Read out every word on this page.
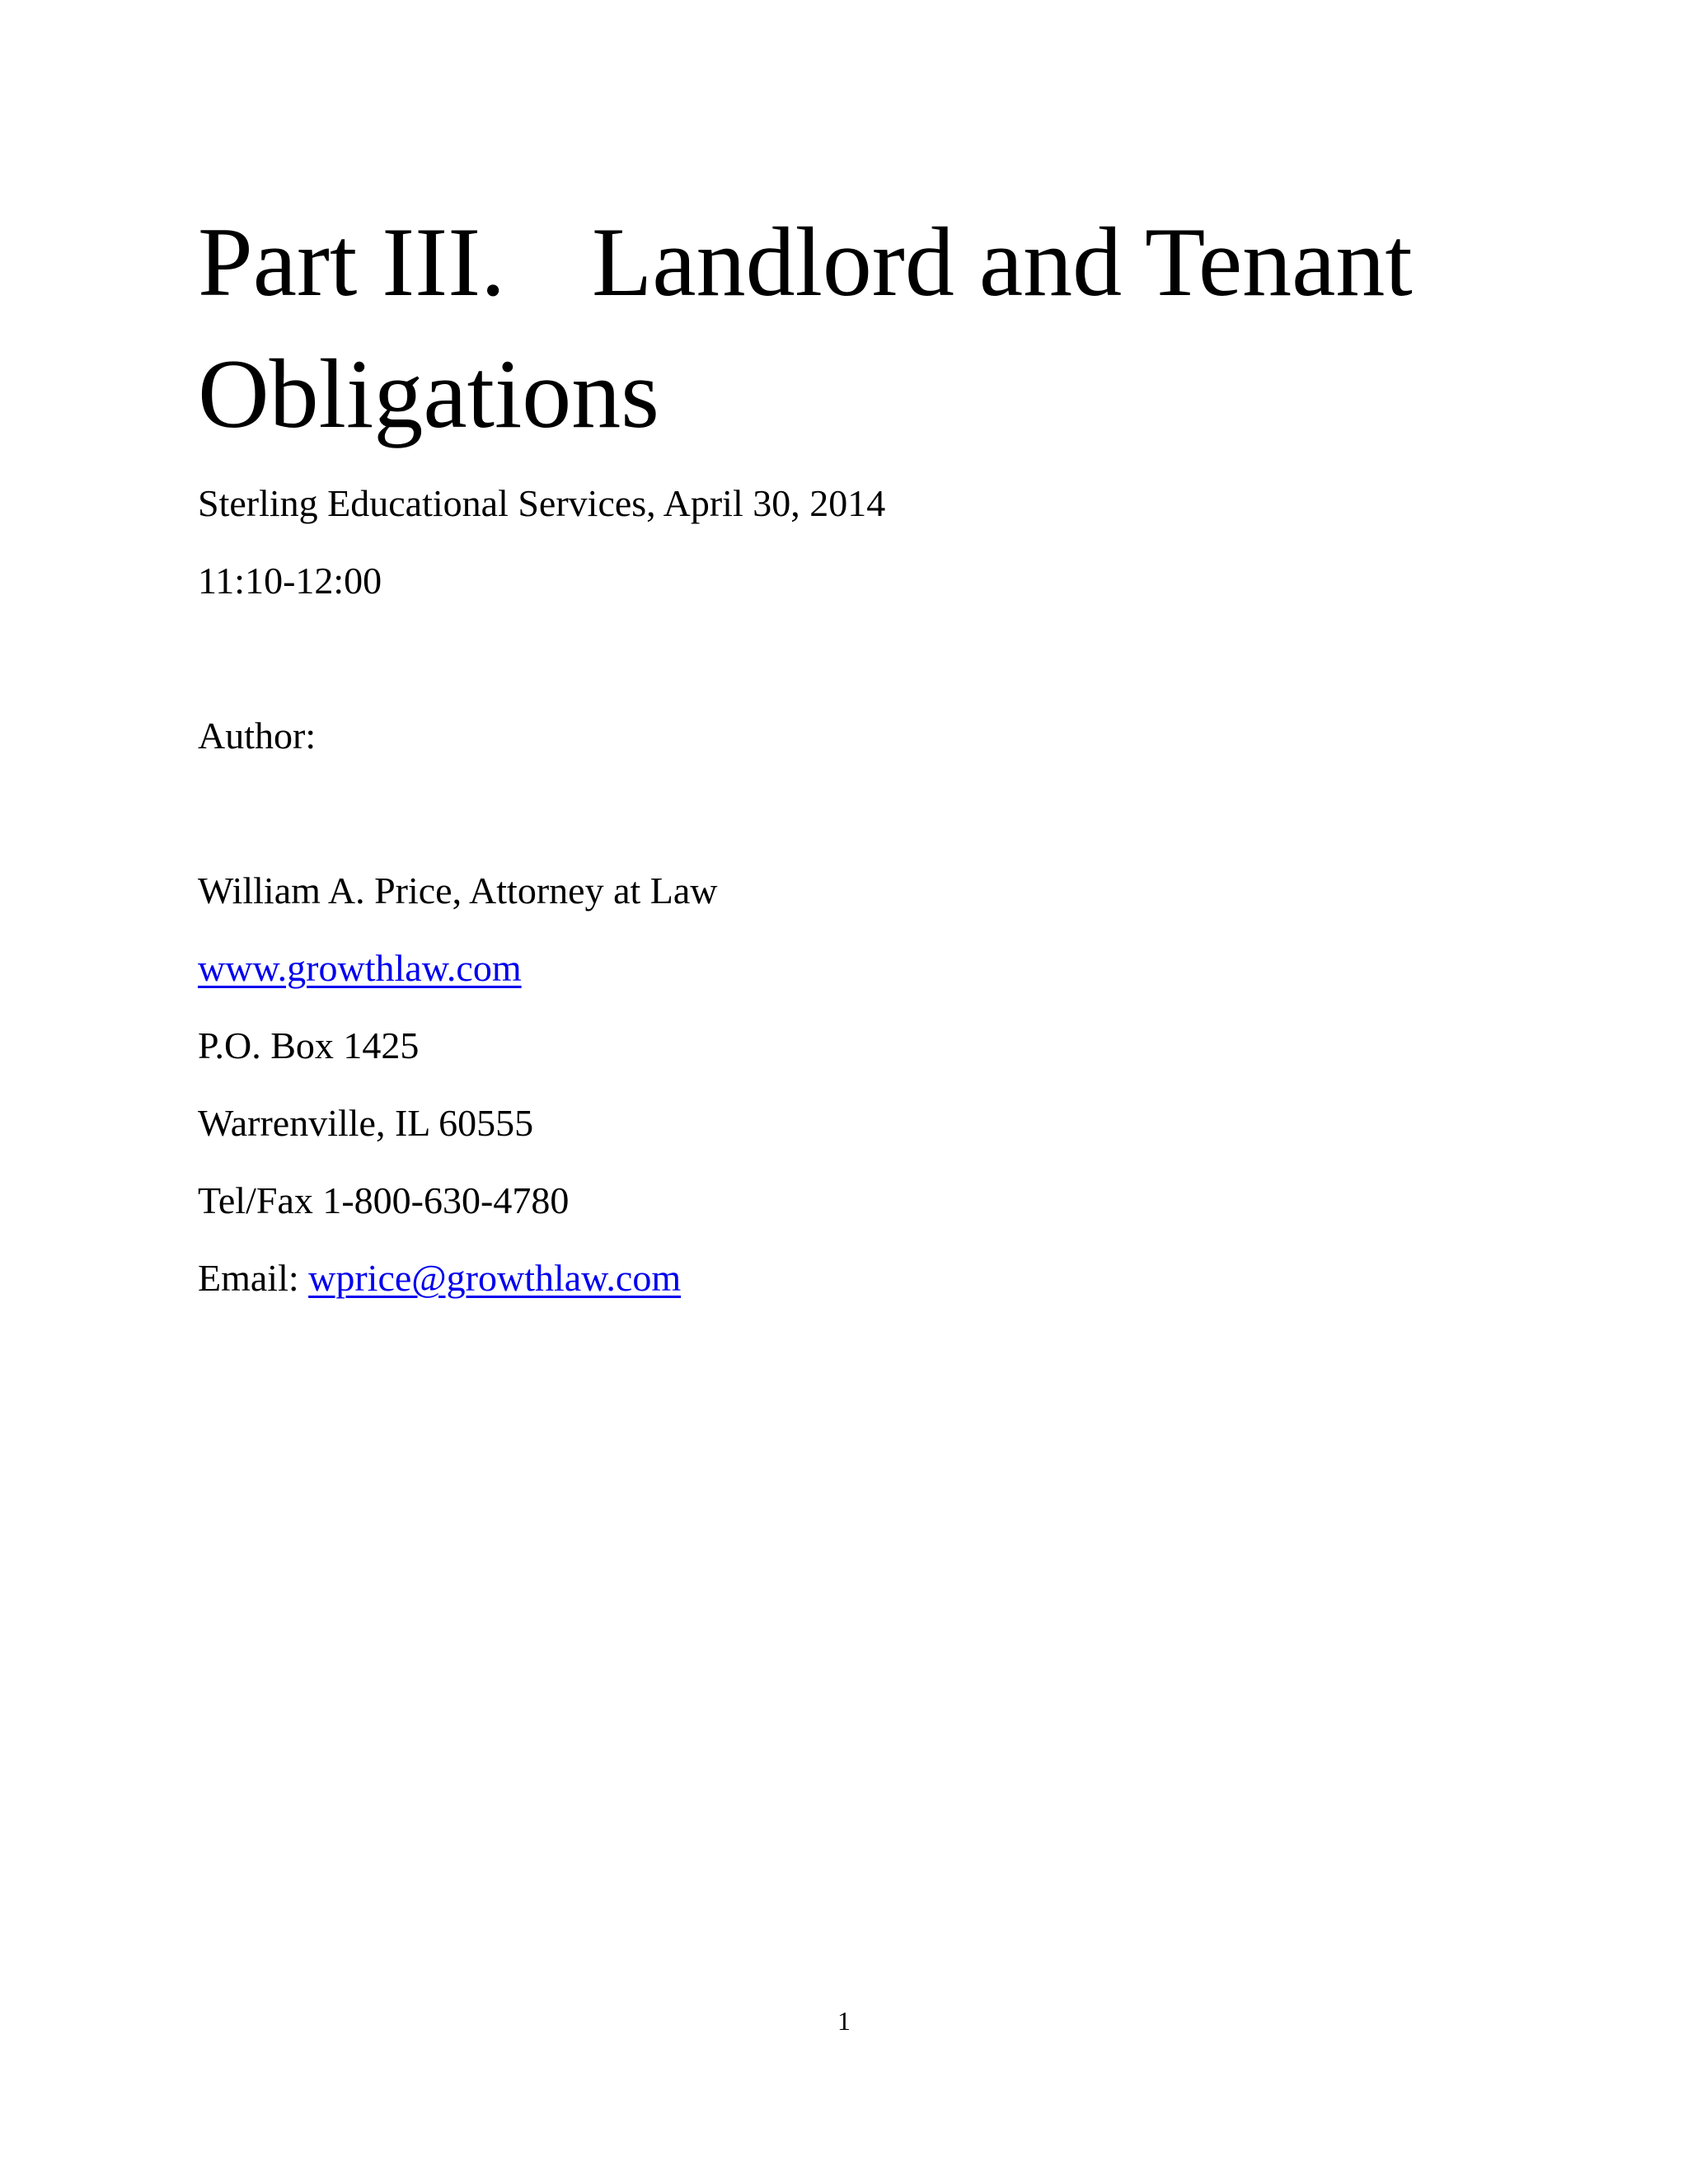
Part III. Landlord and Tenant
Obligations

Sterling Educational Services, April 30, 2014

11:10-12:00

Author:

William A. Price, Attorney at Law

www.growthlaw.com

P.O. Box 1425

Warrenville, IL 60555

Tel/Fax 1-800-630-4780

Email: wprice@growthlaw.com

1
